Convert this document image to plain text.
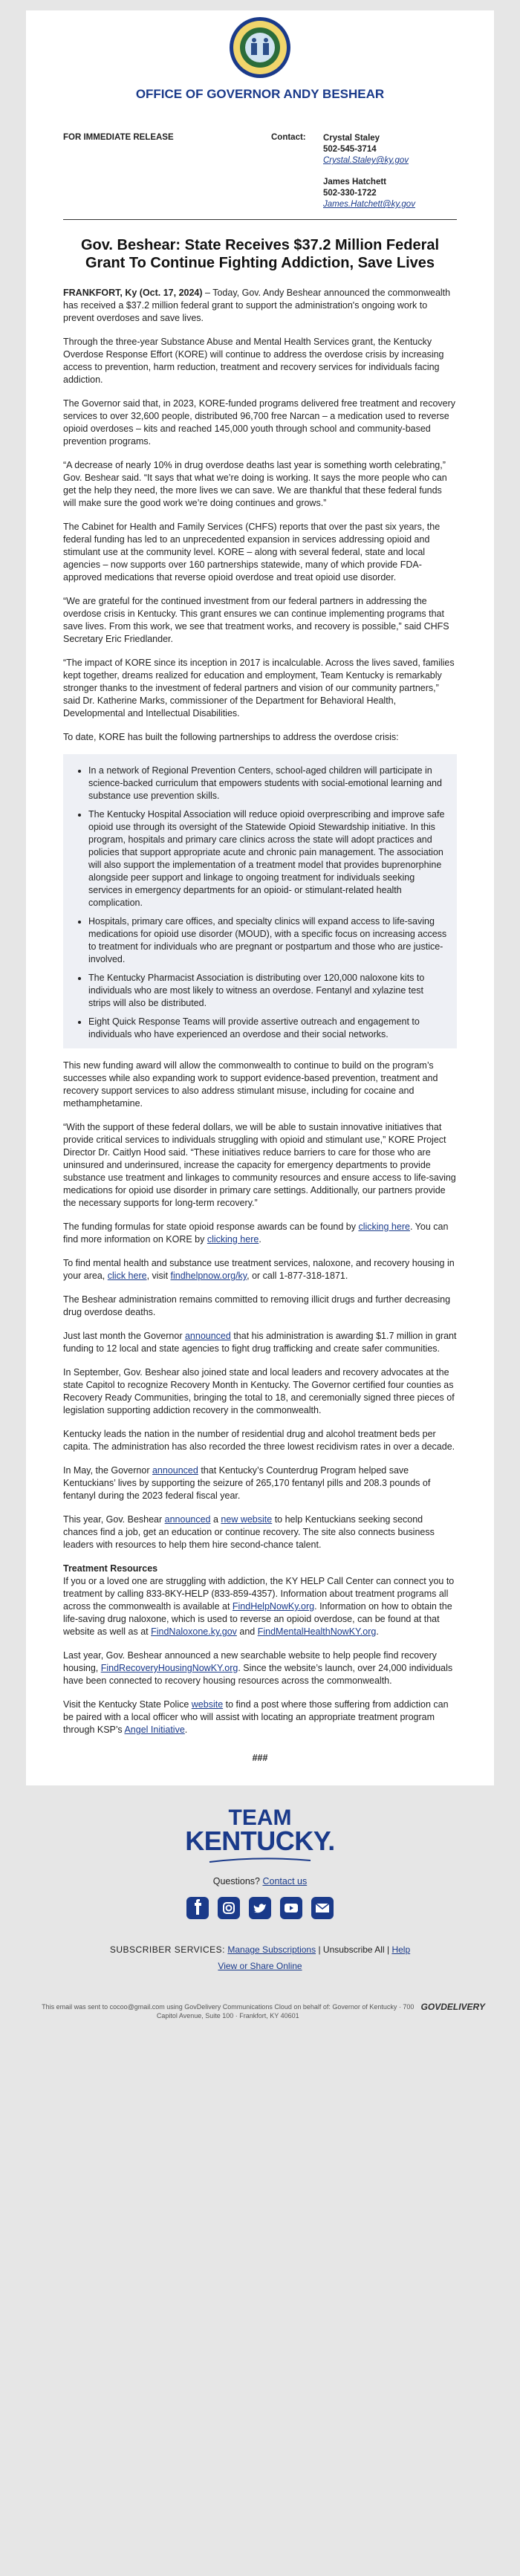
OFFICE OF GOVERNOR ANDY BESHEAR
FOR IMMEDIATE RELEASE	Contact:	Crystal Staley
502-545-3714
Crystal.Staley@ky.gov
James Hatchett
502-330-1722
James.Hatchett@ky.gov
Gov. Beshear: State Receives $37.2 Million Federal Grant To Continue Fighting Addiction, Save Lives

FRANKFORT, Ky (Oct. 17, 2024) – Today, Gov. Andy Beshear announced the commonwealth has received a $37.2 million federal grant to support the administration's ongoing work to prevent overdoses and save lives.

Through the three-year Substance Abuse and Mental Health Services grant, the Kentucky Overdose Response Effort (KORE) will continue to address the overdose crisis by increasing access to prevention, harm reduction, treatment and recovery services for individuals facing addiction.

The Governor said that, in 2023, KORE-funded programs delivered free treatment and recovery services to over 32,600 people, distributed 96,700 free Narcan – a medication used to reverse opioid overdoses – kits and reached 145,000 youth through school and community-based prevention programs.

“A decrease of nearly 10% in drug overdose deaths last year is something worth celebrating,” Gov. Beshear said. “It says that what we’re doing is working. It says the more people who can get the help they need, the more lives we can save. We are thankful that these federal funds will make sure the good work we’re doing continues and grows.”

The Cabinet for Health and Family Services (CHFS) reports that over the past six years, the federal funding has led to an unprecedented expansion in services addressing opioid and stimulant use at the community level. KORE – along with several federal, state and local agencies – now supports over 160 partnerships statewide, many of which provide FDA-approved medications that reverse opioid overdose and treat opioid use disorder.

“We are grateful for the continued investment from our federal partners in addressing the overdose crisis in Kentucky. This grant ensures we can continue implementing programs that save lives. From this work, we see that treatment works, and recovery is possible,” said CHFS Secretary Eric Friedlander.

“The impact of KORE since its inception in 2017 is incalculable. Across the lives saved, families kept together, dreams realized for education and employment, Team Kentucky is remarkably stronger thanks to the investment of federal partners and vision of our community partners,” said Dr. Katherine Marks, commissioner of the Department for Behavioral Health, Developmental and Intellectual Disabilities.

To date, KORE has built the following partnerships to address the overdose crisis:

• In a network of Regional Prevention Centers, school-aged children will participate in science-backed curriculum that empowers students with social-emotional learning and substance use prevention skills.
• The Kentucky Hospital Association will reduce opioid overprescribing and improve safe opioid use through its oversight of the Statewide Opioid Stewardship initiative. In this program, hospitals and primary care clinics across the state will adopt practices and policies that support appropriate acute and chronic pain management. The association will also support the implementation of a treatment model that provides buprenorphine alongside peer support and linkage to ongoing treatment for individuals seeking services in emergency departments for an opioid- or stimulant-related health complication.
• Hospitals, primary care offices, and specialty clinics will expand access to life-saving medications for opioid use disorder (MOUD), with a specific focus on increasing access to treatment for individuals who are pregnant or postpartum and those who are justice-involved.
• The Kentucky Pharmacist Association is distributing over 120,000 naloxone kits to individuals who are most likely to witness an overdose. Fentanyl and xylazine test strips will also be distributed.
• Eight Quick Response Teams will provide assertive outreach and engagement to individuals who have experienced an overdose and their social networks.

This new funding award will allow the commonwealth to continue to build on the program’s successes while also expanding work to support evidence-based prevention, treatment and recovery support services to also address stimulant misuse, including for cocaine and methamphetamine.

“With the support of these federal dollars, we will be able to sustain innovative initiatives that provide critical services to individuals struggling with opioid and stimulant use,” KORE Project Director Dr. Caitlyn Hood said. “These initiatives reduce barriers to care for those who are uninsured and underinsured, increase the capacity for emergency departments to provide substance use treatment and linkages to community resources and ensure access to life-saving medications for opioid use disorder in primary care settings. Additionally, our partners provide the necessary supports for long-term recovery.”

The funding formulas for state opioid response awards can be found by clicking here. You can find more information on KORE by clicking here.

To find mental health and substance use treatment services, naloxone, and recovery housing in your area, click here, visit findhelpnow.org/ky, or call 1-877-318-1871.

The Beshear administration remains committed to removing illicit drugs and further decreasing drug overdose deaths.

Just last month the Governor announced that his administration is awarding $1.7 million in grant funding to 12 local and state agencies to fight drug trafficking and create safer communities.

In September, Gov. Beshear also joined state and local leaders and recovery advocates at the state Capitol to recognize Recovery Month in Kentucky. The Governor certified four counties as Recovery Ready Communities, bringing the total to 18, and ceremonially signed three pieces of legislation supporting addiction recovery in the commonwealth.

Kentucky leads the nation in the number of residential drug and alcohol treatment beds per capita. The administration has also recorded the three lowest recidivism rates in over a decade.

In May, the Governor announced that Kentucky’s Counterdrug Program helped save Kentuckians’ lives by supporting the seizure of 265,170 fentanyl pills and 208.3 pounds of fentanyl during the 2023 federal fiscal year.

This year, Gov. Beshear announced a new website to help Kentuckians seeking second chances find a job, get an education or continue recovery. The site also connects business leaders with resources to help them hire second-chance talent.

Treatment Resources

If you or a loved one are struggling with addiction, the KY HELP Call Center can connect you to treatment by calling 833-8KY-HELP (833-859-4357). Information about treatment programs all across the commonwealth is available at FindHelpNowKy.org. Information on how to obtain the life-saving drug naloxone, which is used to reverse an opioid overdose, can be found at that website as well as at FindNaloxone.ky.gov and FindMentalHealthNowKY.org.

Last year, Gov. Beshear announced a new searchable website to help people find recovery housing, FindRecoveryHousingNowKY.org. Since the website’s launch, over 24,000 individuals have been connected to recovery housing resources across the commonwealth.

Visit the Kentucky State Police website to find a post where those suffering from addiction can be paired with a local officer who will assist with locating an appropriate treatment program through KSP’s Angel Initiative.

###
TEAM
KENTUCKY.
Questions? Contact us
SUBSCRIBER SERVICES: Manage Subscriptions | Unsubscribe All | Help
View or Share Online
This email was sent to cocoo@gmail.com using GovDelivery Communications Cloud on behalf of: Governor of Kentucky · 700 Capitol Avenue, Suite 100 · Frankfort, KY 40601
GOVDELIVERY
